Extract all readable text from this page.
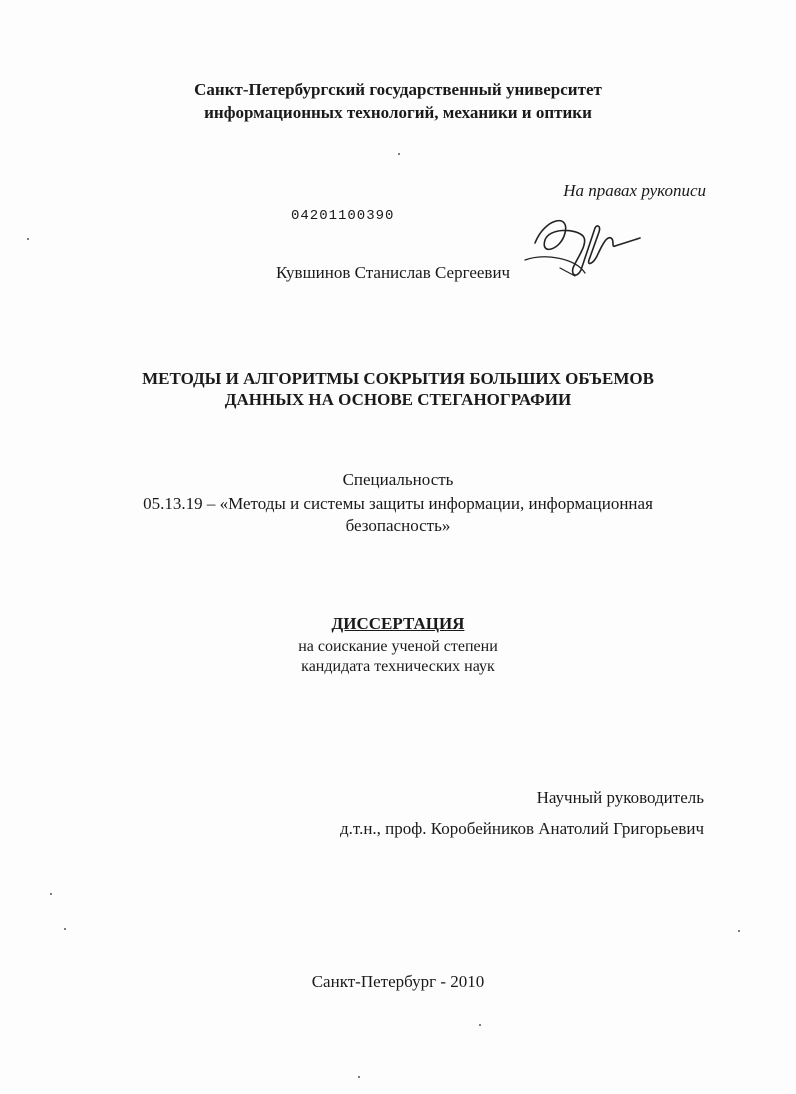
Санкт-Петербургский государственный университет
информационных технологий, механики и оптики
На правах рукописи
04201100390
Кувшинов Станислав Сергеевич
МЕТОДЫ И АЛГОРИТМЫ СОКРЫТИЯ БОЛЬШИХ ОБЪЕМОВ
ДАННЫХ НА ОСНОВЕ СТЕГАНОГРАФИИ
Специальность
05.13.19 – «Методы и системы защиты информации, информационная
безопасность»
ДИССЕРТАЦИЯ
на соискание ученой степени
кандидата технических наук
Научный руководитель
д.т.н., проф. Коробейников Анатолий Григорьевич
Санкт-Петербург - 2010
